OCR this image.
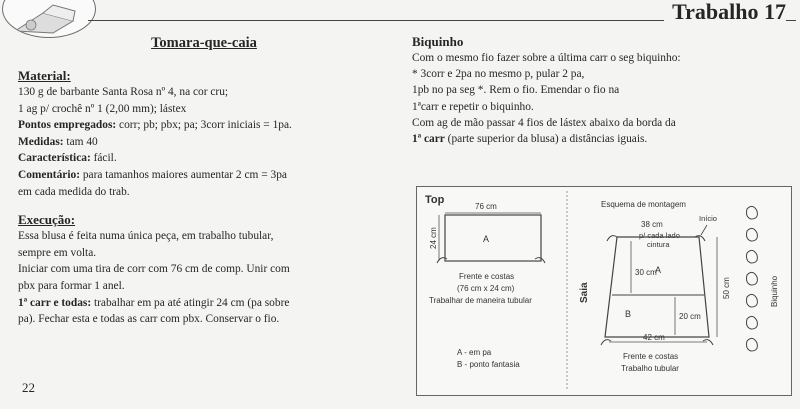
Trabalho 17
Tomara-que-caia
Material:

130 g de barbante Santa Rosa nº 4, na cor cru;

1 ag p/ crochê nº 1 (2,00 mm); lástex

Pontos empregados: corr; pb; pbx; pa; 3corr iniciais = 1pa.

Medidas: tam 40

Característica: fácil.

Comentário: para tamanhos maiores aumentar 2 cm = 3pa

em cada medida do trab.

Execução:

Essa blusa é feita numa única peça, em trabalho tubular,

sempre em volta.

Iniciar com uma tira de corr com 76 cm de comp. Unir com

pbx para formar 1 anel.

1ª carr e todas: trabalhar em pa até atingir 24 cm (pa sobre

pa). Fechar esta e todas as carr com pbx. Conservar o fio.

22
Biquinho

Com o mesmo fio fazer sobre a última carr o seg biquinho:

* 3corr e 2pa no mesmo p, pular 2 pa,

1pb no pa seg *. Rem o fio. Emendar o fio na

1ªcarr e repetir o biquinho.

Com ag de mão passar 4 fios de lástex abaixo da borda da

1ª carr (parte superior da blusa) a distâncias iguais.

Top
76 cm
24 cm	A
Frente e costas
(76 cm x 24 cm)
Trabalhar de maneira tubular
A - em pa
B - ponto fantasia
Saia
Esquema de montagem
Início
38 cm
p/ cada lado
cintura
A
B
30 cm
20 cm
50 cm
42 cm
Frente e costas
Trabalho tubular
Biquinho
